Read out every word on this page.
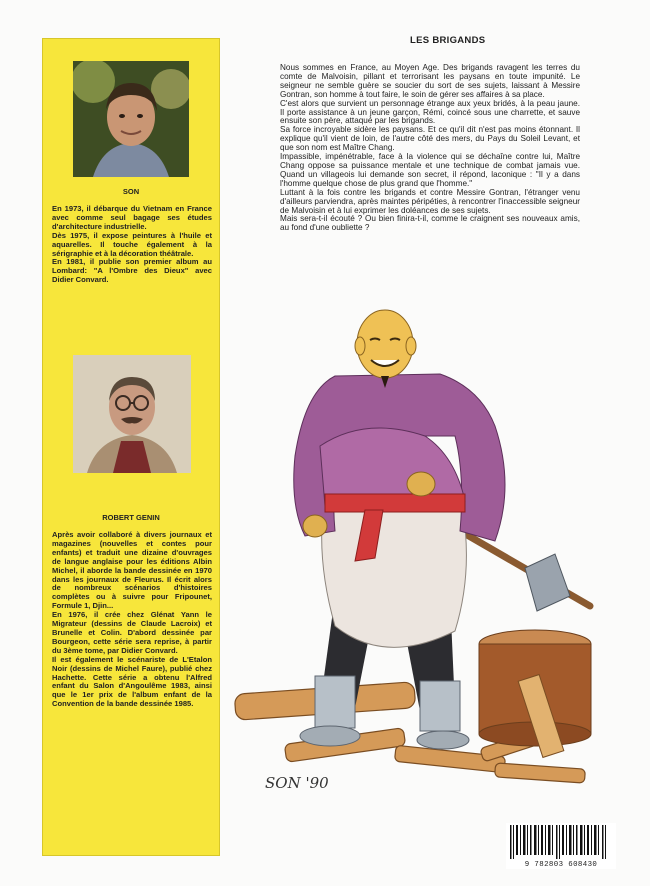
SON

En 1973, il débarque du Vietnam en France avec comme seul bagage ses études d'architecture industrielle.

Dès 1975, il expose peintures à l'huile et aquarelles. Il touche également à la sérigraphie et à la décoration théâtrale.

En 1981, il publie son premier album au Lombard: "A l'Ombre des Dieux" avec Didier Convard.

ROBERT GENIN

Après avoir collaboré à divers journaux et magazines (nouvelles et contes pour enfants) et traduit une dizaine d'ouvrages de langue anglaise pour les éditions Albin Michel, il aborde la bande dessinée en 1970 dans les journaux de Fleurus. Il écrit alors de nombreux scénarios d'histoires complètes ou à suivre pour Fripounet, Formule 1, Djin...

En 1976, il crée chez Glénat Yann le Migrateur (dessins de Claude Lacroix) et Brunelle et Colin. D'abord dessinée par Bourgeon, cette série sera reprise, à partir du 3ème tome, par Didier Convard.

Il est également le scénariste de L'Etalon Noir (dessins de Michel Faure), publié chez Hachette. Cette série a obtenu l'Alfred enfant du Salon d'Angoulême 1983, ainsi que le 1er prix de l'album enfant de la Convention de la bande dessinée 1985.

LES BRIGANDS

Nous sommes en France, au Moyen Age. Des brigands ravagent les terres du comte de Malvoisin, pillant et terrorisant les paysans en toute impunité. Le seigneur ne semble guère se soucier du sort de ses sujets, laissant à Messire Gontran, son homme à tout faire, le soin de gérer ses affaires à sa place.

C'est alors que survient un personnage étrange aux yeux bridés, à la peau jaune. Il porte assistance à un jeune garçon, Rémi, coincé sous une charrette, et sauve ensuite son père, attaqué par les brigands.

Sa force incroyable sidère les paysans. Et ce qu'il dit n'est pas moins étonnant. Il explique qu'il vient de loin, de l'autre côté des mers, du Pays du Soleil Levant, et que son nom est Maître Chang.

Impassible, impénétrable, face à la violence qui se déchaîne contre lui, Maître Chang oppose sa puissance mentale et une technique de combat jamais vue. Quand un villageois lui demande son secret, il répond, laconique : "Il y a dans l'homme quelque chose de plus grand que l'homme."

Luttant à la fois contre les brigands et contre Messire Gontran, l'étranger venu d'ailleurs parviendra, après maintes péripéties, à rencontrer l'inaccessible seigneur de Malvoisin et à lui exprimer les doléances de ses sujets.

Mais sera-t-il écouté ? Ou bien finira-t-il, comme le craignent ses nouveaux amis, au fond d'une oubliette ?

SON '90
9 782803 608430
